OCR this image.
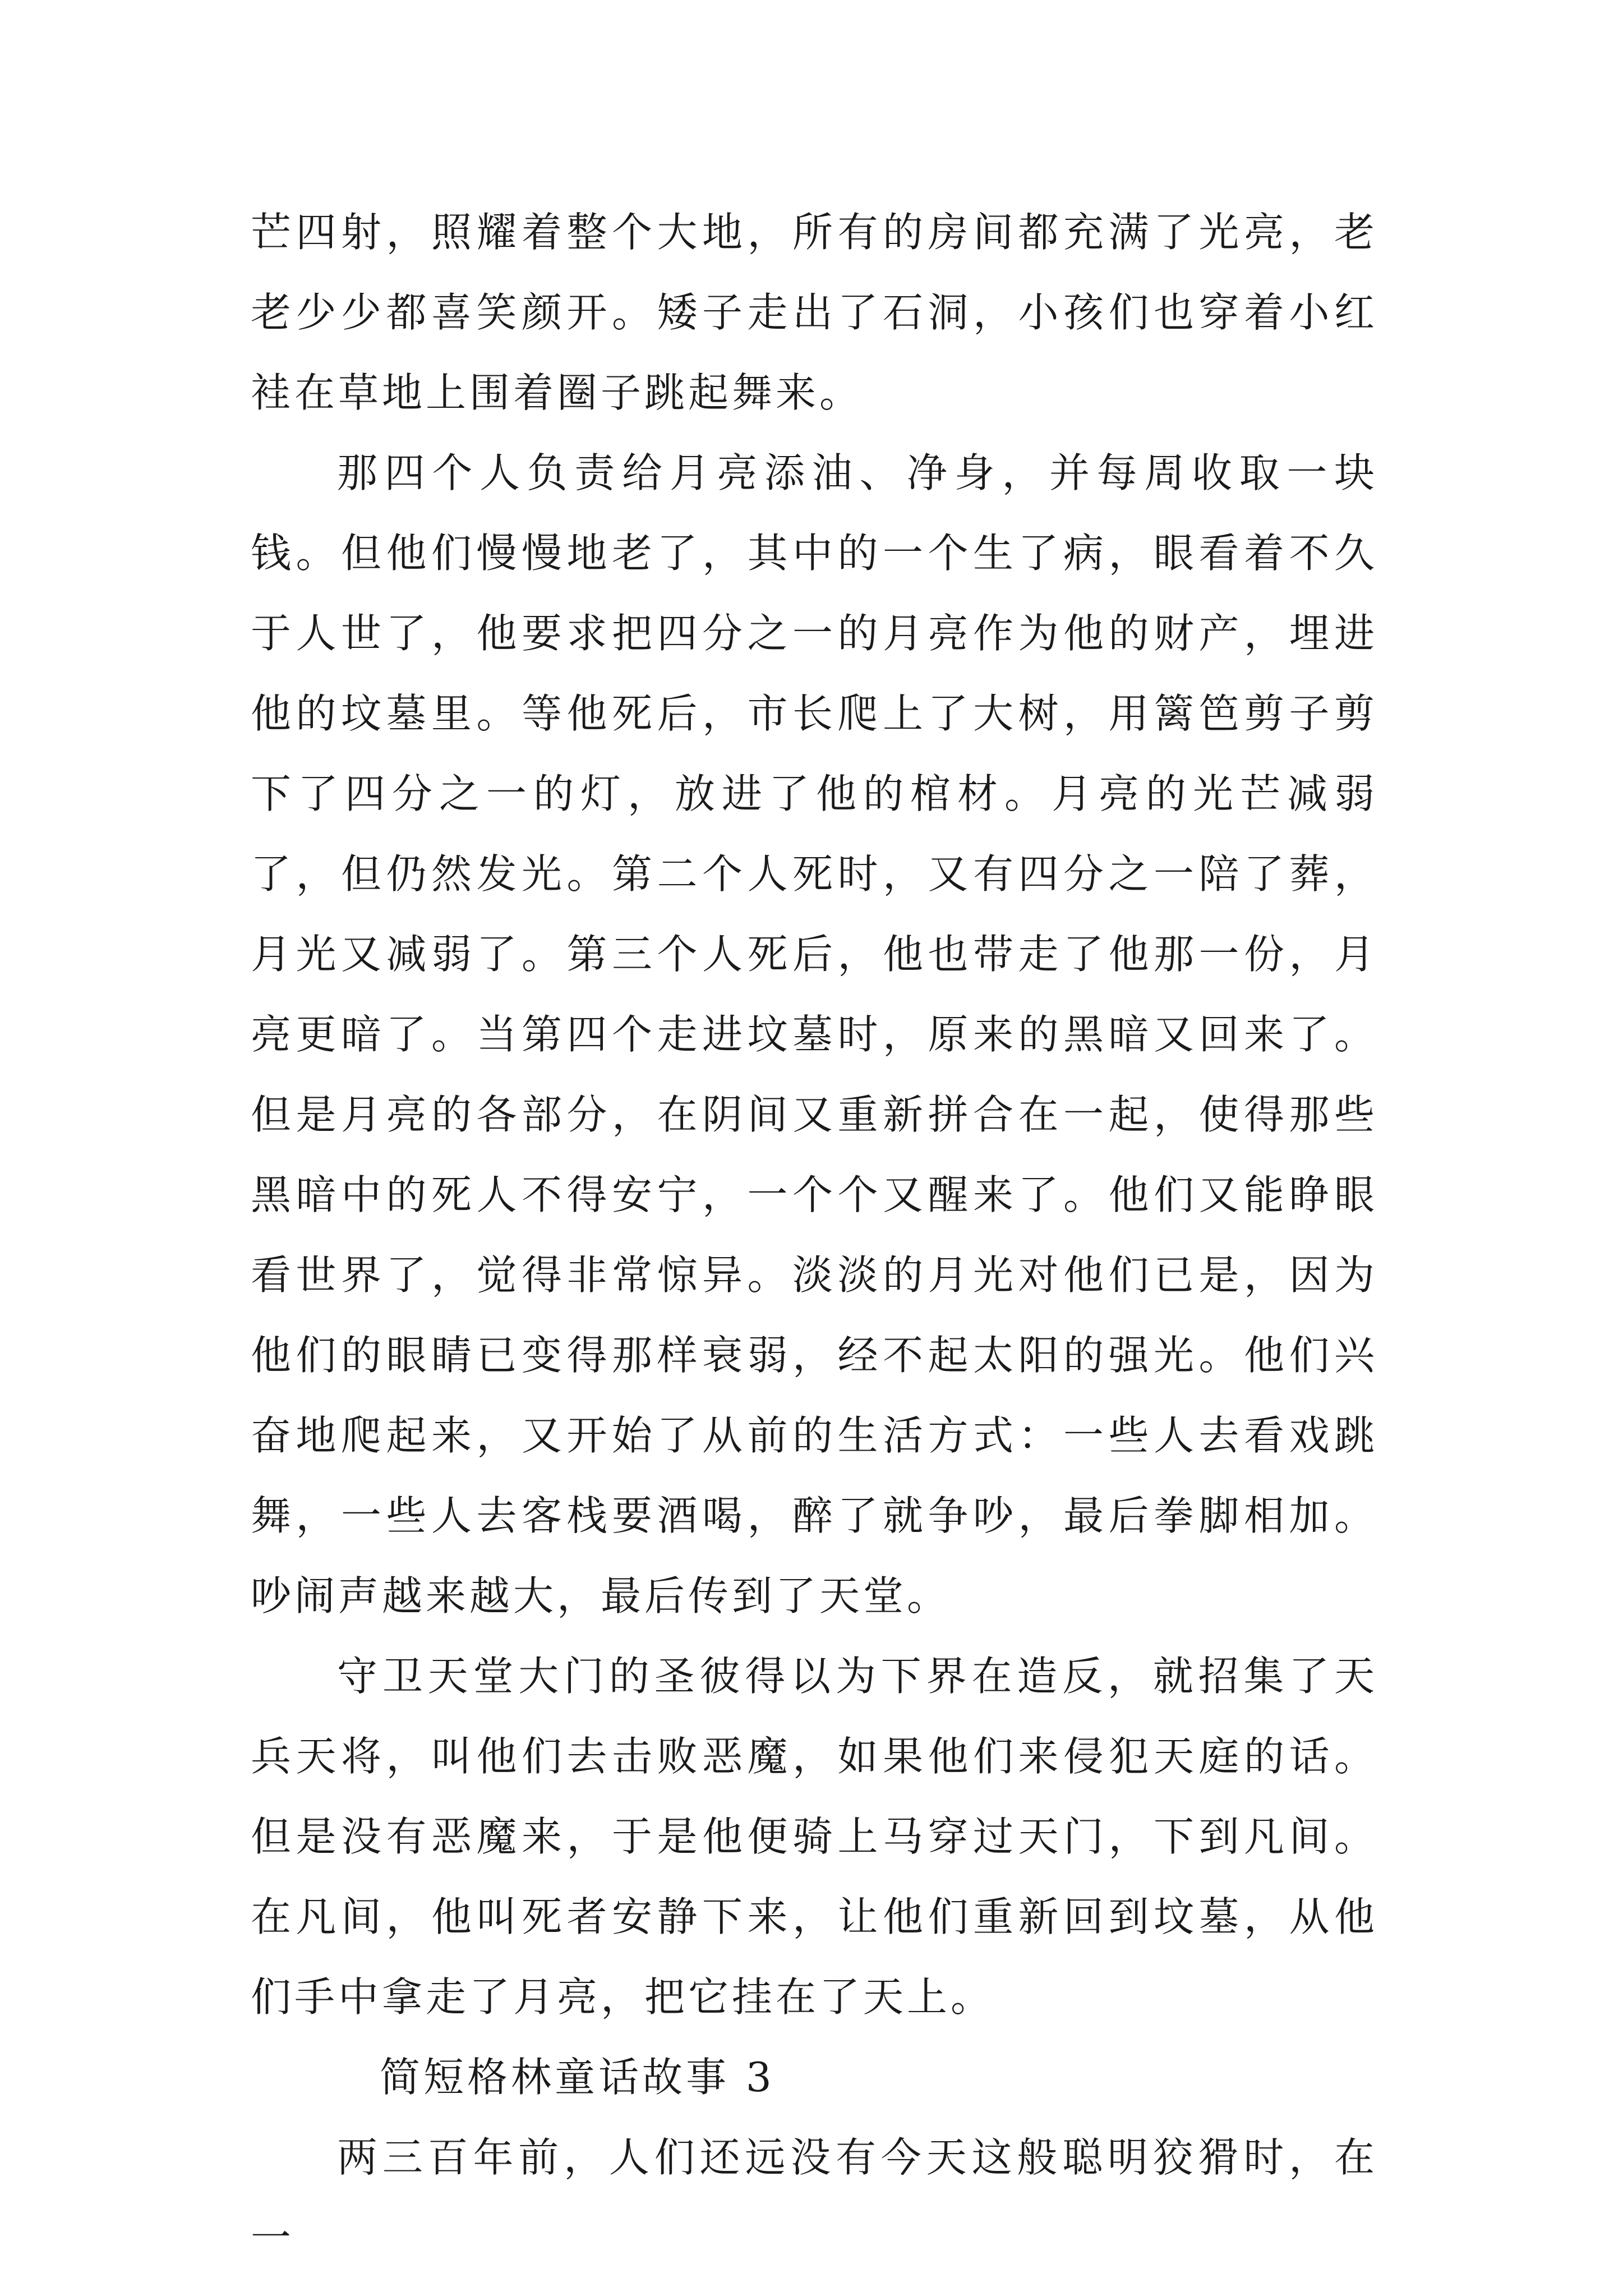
芒四射，照耀着整个大地，所有的房间都充满了光亮，老老少少都喜笑颜开。矮子走出了石洞，小孩们也穿着小红袿在草地上围着圈子跳起舞来。

那四个人负责给月亮添油、净身，并每周收取一块钱。但他们慢慢地老了，其中的一个生了病，眼看着不久于人世了，他要求把四分之一的月亮作为他的财产，埋进他的坟墓里。等他死后，市长爬上了大树，用篱笆剪子剪下了四分之一的灯，放进了他的棺材。月亮的光芒减弱了，但仍然发光。第二个人死时，又有四分之一陪了葬，月光又减弱了。第三个人死后，他也带走了他那一份，月亮更暗了。当第四个走进坟墓时，原来的黑暗又回来了。但是月亮的各部分，在阴间又重新拼合在一起，使得那些黑暗中的死人不得安宁，一个个又醒来了。他们又能睁眼看世界了，觉得非常惊异。淡淡的月光对他们已是，因为他们的眼睛已变得那样衰弱，经不起太阳的强光。他们兴奋地爬起来，又开始了从前的生活方式：一些人去看戏跳舞，一些人去客栈要酒喝，醉了就争吵，最后拳脚相加。吵闹声越来越大，最后传到了天堂。

守卫天堂大门的圣彼得以为下界在造反，就招集了天兵天将，叫他们去击败恶魔，如果他们来侵犯天庭的话。但是没有恶魔来，于是他便骑上马穿过天门，下到凡间。在凡间，他叫死者安静下来，让他们重新回到坟墓，从他们手中拿走了月亮，把它挂在了天上。

简短格林童话故事 3

两三百年前，人们还远没有今天这般聪明狡猾时，在一
